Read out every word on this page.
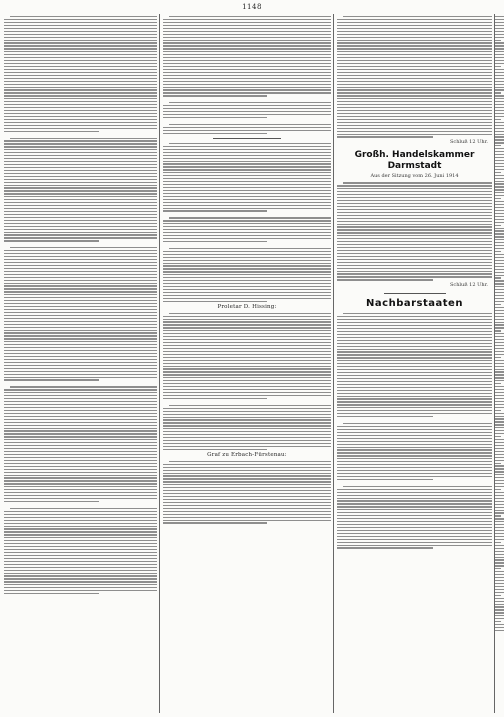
1148
Proletar D. Hissing:
Graf zu Erbach-Fürstenau:
Schluß 12 Uhr.
Großh. Handelskammer Darmstadt
Aus der Sitzung vom 26. Juni 1914
Schluß 12 Uhr.
Nachbarstaaten
